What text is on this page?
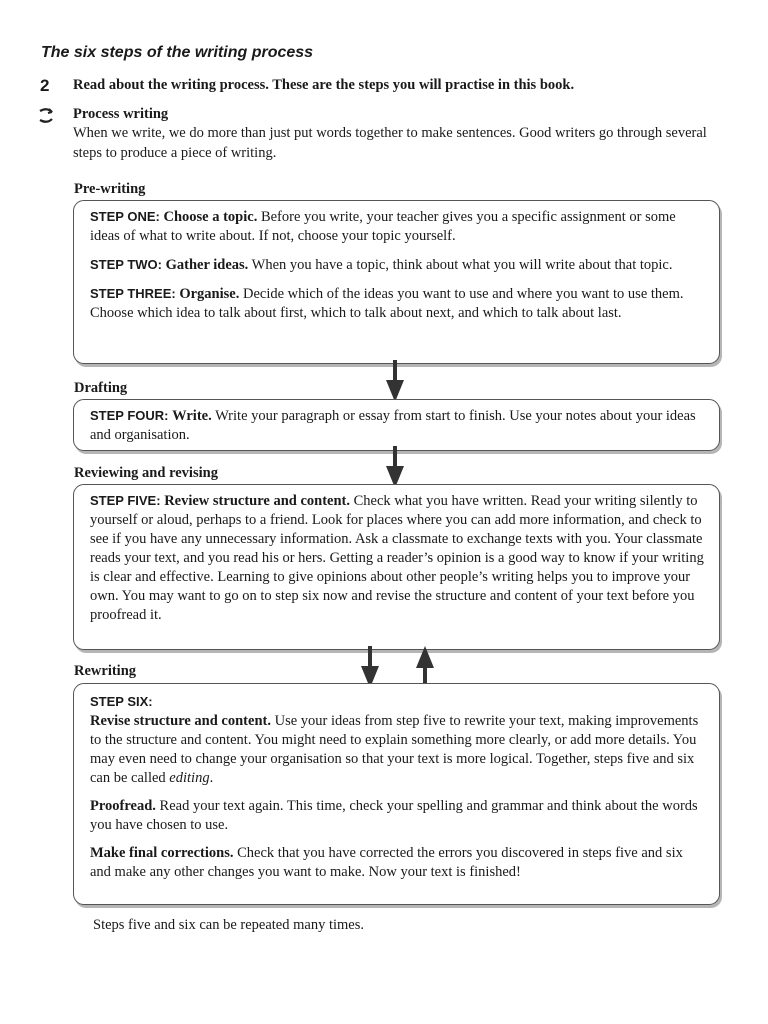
The six steps of the writing process
2 Read about the writing process. These are the steps you will practise in this book.
Process writing
When we write, we do more than just put words together to make sentences. Good writers go through several steps to produce a piece of writing.
Pre-writing

STEP ONE: Choose a topic. Before you write, your teacher gives you a specific assignment or some ideas of what to write about. If not, choose your topic yourself.

STEP TWO: Gather ideas. When you have a topic, think about what you will write about that topic.

STEP THREE: Organise. Decide which of the ideas you want to use and where you want to use them. Choose which idea to talk about first, which to talk about next, and which to talk about last.

Drafting

STEP FOUR: Write. Write your paragraph or essay from start to finish. Use your notes about your ideas and organisation.

Reviewing and revising

STEP FIVE: Review structure and content. Check what you have written. Read your writing silently to yourself or aloud, perhaps to a friend. Look for places where you can add more information, and check to see if you have any unnecessary information. Ask a classmate to exchange texts with you. Your classmate reads your text, and you read his or hers. Getting a reader’s opinion is a good way to know if your writing is clear and effective. Learning to give opinions about other people’s writing helps you to improve your own. You may want to go on to step six now and revise the structure and content of your text before you proofread it.

Rewriting
STEP SIX:

Revise structure and content. Use your ideas from step five to rewrite your text, making improvements to the structure and content. You might need to explain something more clearly, or add more details. You may even need to change your organisation so that your text is more logical. Together, steps five and six can be called editing.

Proofread. Read your text again. This time, check your spelling and grammar and think about the words you have chosen to use.

Make final corrections. Check that you have corrected the errors you discovered in steps five and six and make any other changes you want to make. Now your text is finished!

Steps five and six can be repeated many times.
